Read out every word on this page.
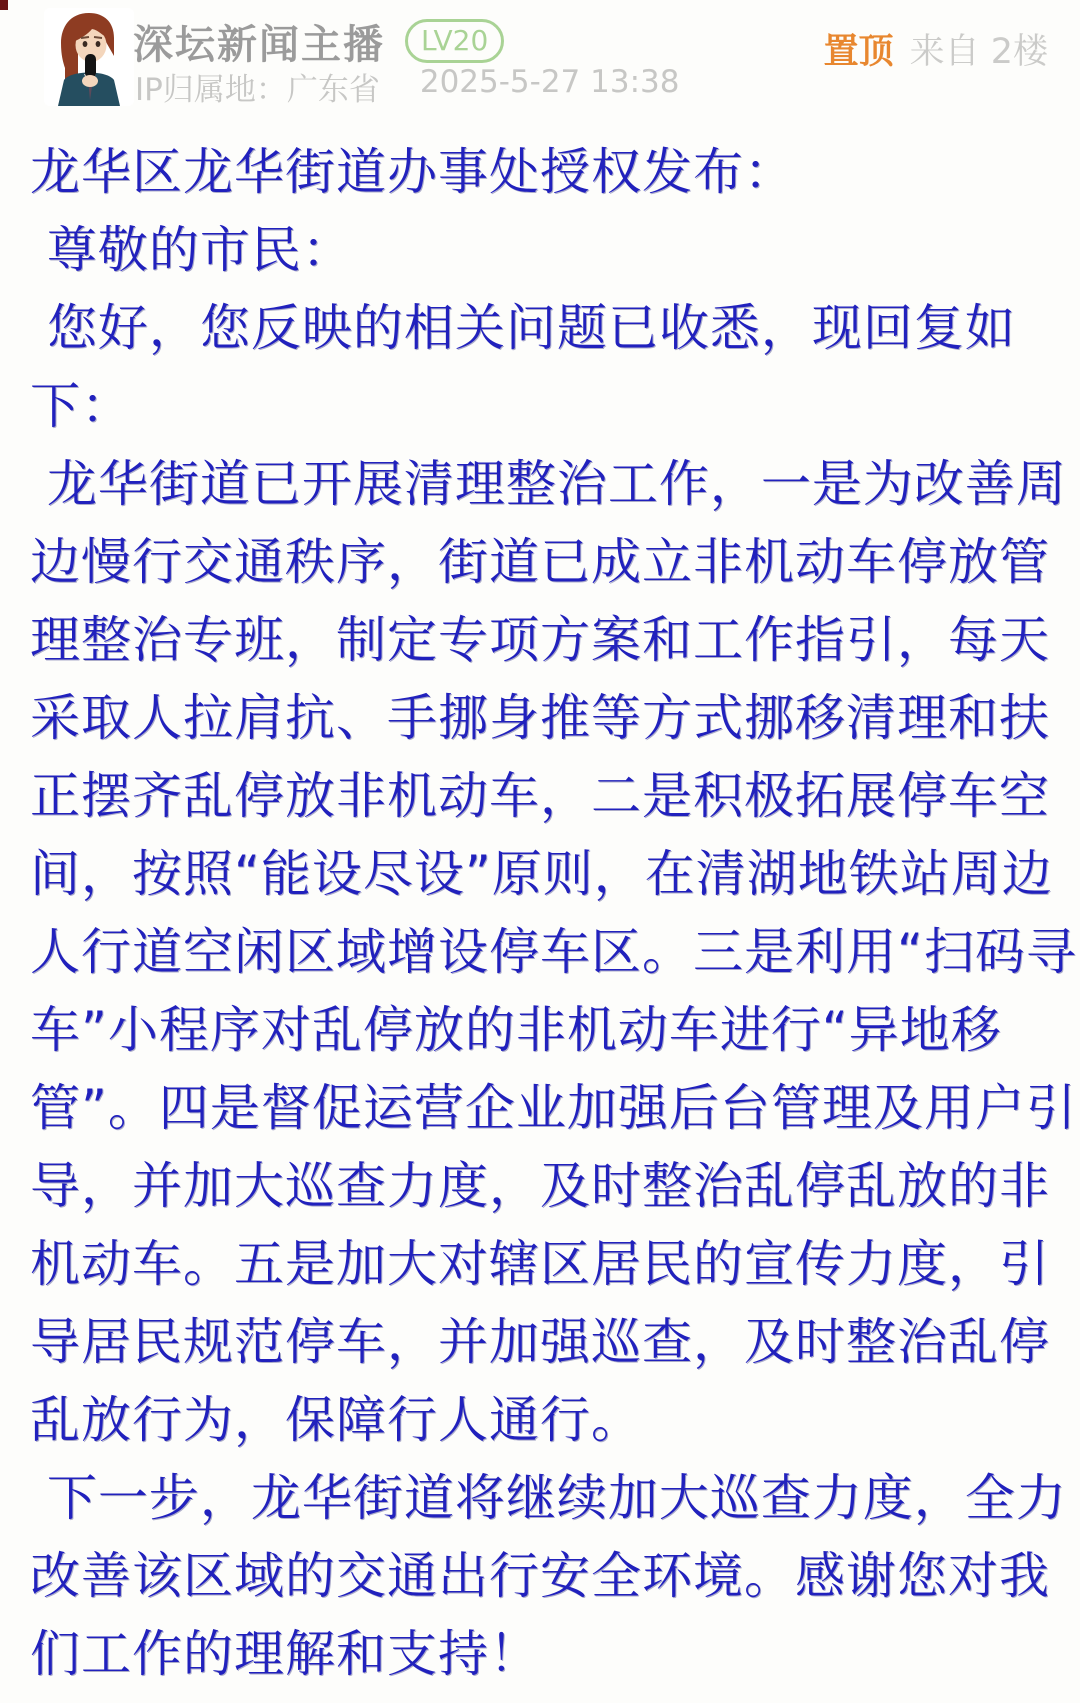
深坛新闻主播	LV20
IP归属地：广东省 2025-5-27 13:38
置顶 来自 2楼
龙华区龙华街道办事处授权发布：
尊敬的市民：
您好，您反映的相关问题已收悉，现回复如
下：
龙华街道已开展清理整治工作，一是为改善周
边慢行交通秩序，街道已成立非机动车停放管
理整治专班，制定专项方案和工作指引，每天
采取人拉肩抗、手挪身推等方式挪移清理和扶
正摆齐乱停放非机动车，二是积极拓展停车空
间，按照“能设尽设”原则，在清湖地铁站周边
人行道空闲区域增设停车区。三是利用“扫码寻
车”小程序对乱停放的非机动车进行“异地移
管”。四是督促运营企业加强后台管理及用户引
导，并加大巡查力度，及时整治乱停乱放的非
机动车。五是加大对辖区居民的宣传力度，引
导居民规范停车，并加强巡查，及时整治乱停
乱放行为，保障行人通行。
下一步，龙华街道将继续加大巡查力度，全力
改善该区域的交通出行安全环境。感谢您对我
们工作的理解和支持！
